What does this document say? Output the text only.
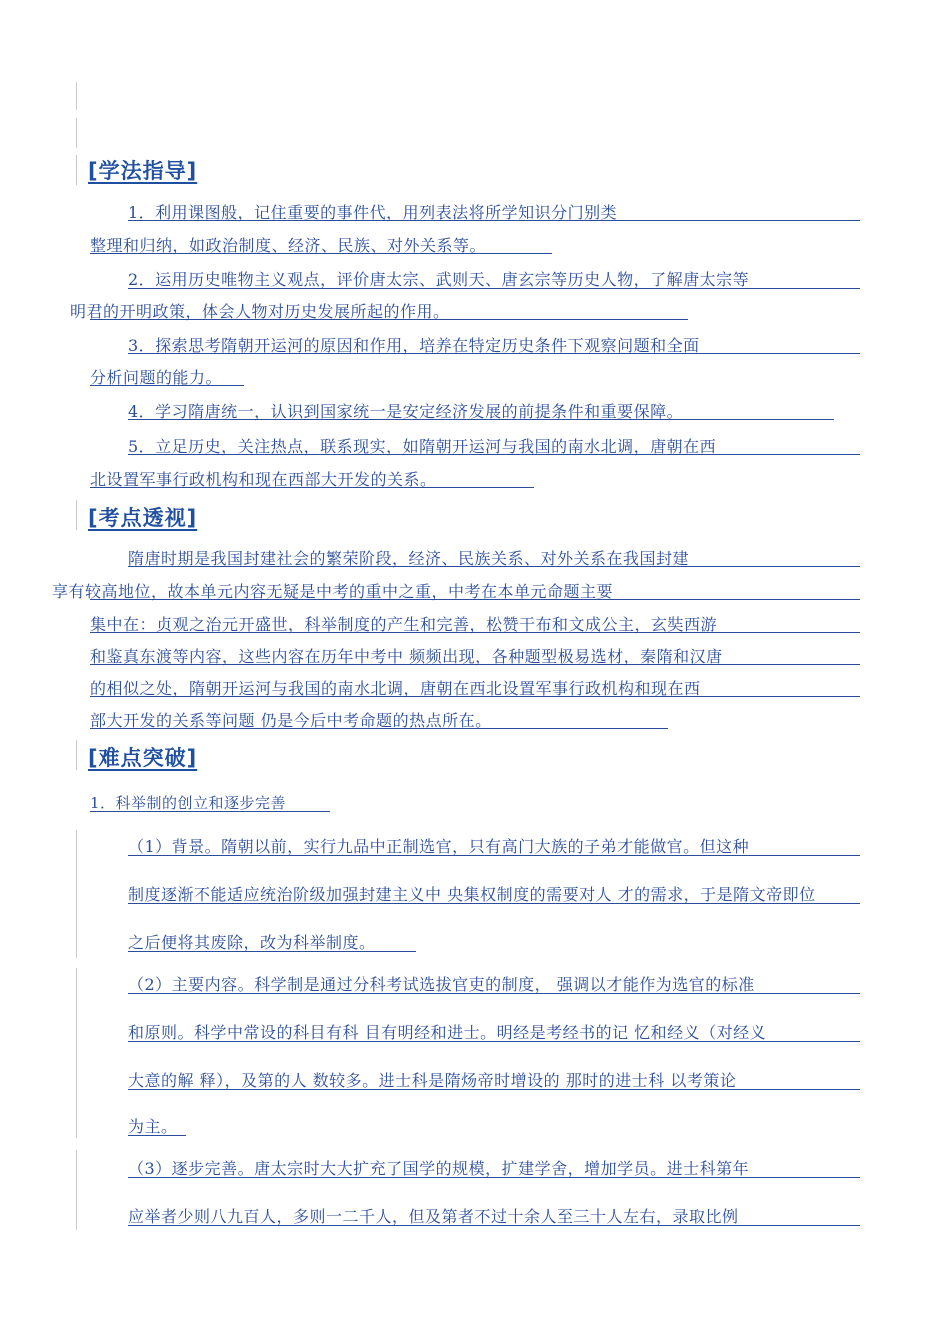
[学法指导]
1．利用课图般，记住重要的事件代，用列表法将所学知识分门别类
整理和归纳，如政治制度、经济、民族、对外关系等。
2．运用历史唯物主义观点，评价唐太宗、武则天、唐玄宗等历史人物，了解唐太宗等
明君的开明政策，体会人物对历史发展所起的作用。
3．探索思考隋朝开运河的原因和作用，培养在特定历史条件下观察问题和全面
分析问题的能力。
4．学习隋唐统一，认识到国家统一是安定经济发展的前提条件和重要保障。
5．立足历史，关注热点，联系现实，如隋朝开运河与我国的南水北调，唐朝在西
北设置军事行政机构和现在西部大开发的关系。
[考点透视]
隋唐时期是我国封建社会的繁荣阶段，经济、民族关系、对外关系在我国封建
享有较高地位，故本单元内容无疑是中考的重中之重，中考在本单元命题主要
集中在：贞观之治元开盛世，科举制度的产生和完善，松赞干布和文成公主，玄奘西游
和鉴真东渡等内容，这些内容在历年中考中 频频出现，各种题型极易选材，秦隋和汉唐
的相似之处，隋朝开运河与我国的南水北调，唐朝在西北设置军事行政机构和现在西
部大开发的关系等问题 仍是今后中考命题的热点所在。
[难点突破]
1．科举制的创立和逐步完善
（1）背景。隋朝以前，实行九品中正制选官，只有高门大族的子弟才能做官。但这种
制度逐渐不能适应统治阶级加强封建主义中 央集权制度的需要对人 才的需求，于是隋文帝即位
之后便将其废除，改为科举制度。
（2）主要内容。科学制是通过分科考试选拔官吏的制度， 强调以才能作为选官的标准
和原则。科学中常设的科目有科 目有明经和进士。明经是考经书的记 忆和经义（对经义
大意的解 释），及第的人 数较多。进士科是隋炀帝时增设的 那时的进士科 以考策论
为主。
（3）逐步完善。唐太宗时大大扩充了国学的规模，扩建学舍，增加学员。进士科第年
应举者少则八九百人，多则一二千人，但及第者不过十余人至三十人左右，录取比例
